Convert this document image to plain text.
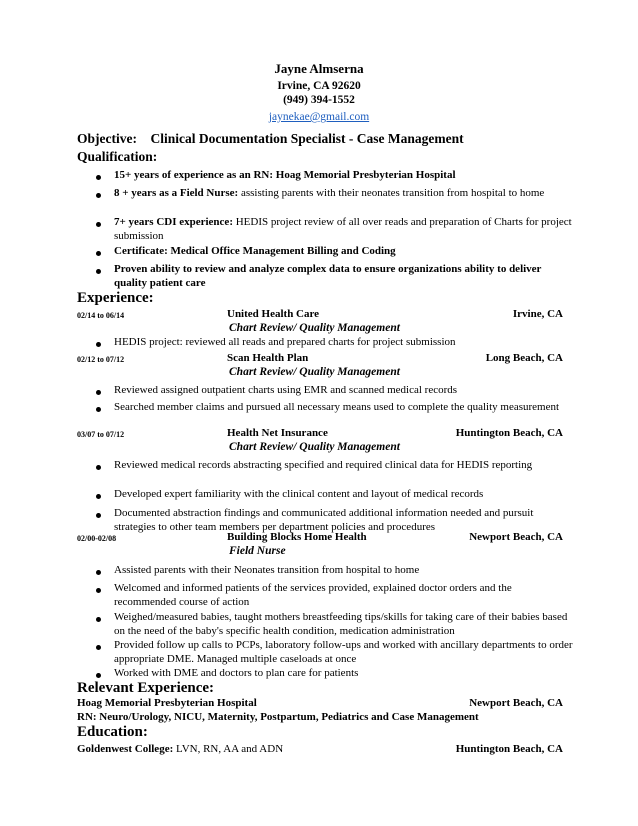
Jayne Almserna
Irvine, CA 92620
(949) 394-1552
jaynekae@gmail.com
Objective: Clinical Documentation Specialist - Case Management
Qualification:
15+ years of experience as an RN: Hoag Memorial Presbyterian Hospital
8 + years as a Field Nurse: assisting parents with their neonates transition from hospital to home
7+ years CDI experience: HEDIS project review of all over reads and preparation of Charts for project submission
Certificate: Medical Office Management Billing and Coding
Proven ability to review and analyze complex data to ensure organizations ability to deliver quality patient care
Experience:
02/14 to 06/14	United Health Care	Irvine, CA
Chart Review/ Quality Management
HEDIS project: reviewed all reads and prepared charts for project submission
02/12 to 07/12	Scan Health Plan	Long Beach, CA
Chart Review/ Quality Management
Reviewed assigned outpatient charts using EMR and scanned medical records
Searched member claims and pursued all necessary means used to complete the quality measurement
03/07 to 07/12	Health Net Insurance	Huntington Beach, CA
Chart Review/ Quality Management
Reviewed medical records abstracting specified and required clinical data for HEDIS reporting
Developed expert familiarity with the clinical content and layout of medical records
Documented abstraction findings and communicated additional information needed and pursuit strategies to other team members per department policies and procedures
02/00-02/08	Building Blocks Home Health	Newport Beach, CA
Field Nurse
Assisted parents with their Neonates transition from hospital to home
Welcomed and informed patients of the services provided, explained doctor orders and the recommended course of action
Weighed/measured babies, taught mothers breastfeeding tips/skills for taking care of their babies based on the need of the baby's specific health condition, medication administration
Provided follow up calls to PCPs, laboratory follow-ups and worked with ancillary departments to order appropriate DME. Managed multiple caseloads at once
Worked with DME and doctors to plan care for patients
Relevant Experience:
Hoag Memorial Presbyterian Hospital	Newport Beach, CA
RN: Neuro/Urology, NICU, Maternity, Postpartum, Pediatrics and Case Management
Education:
Goldenwest College: LVN, RN, AA and ADN	Huntington Beach, CA
